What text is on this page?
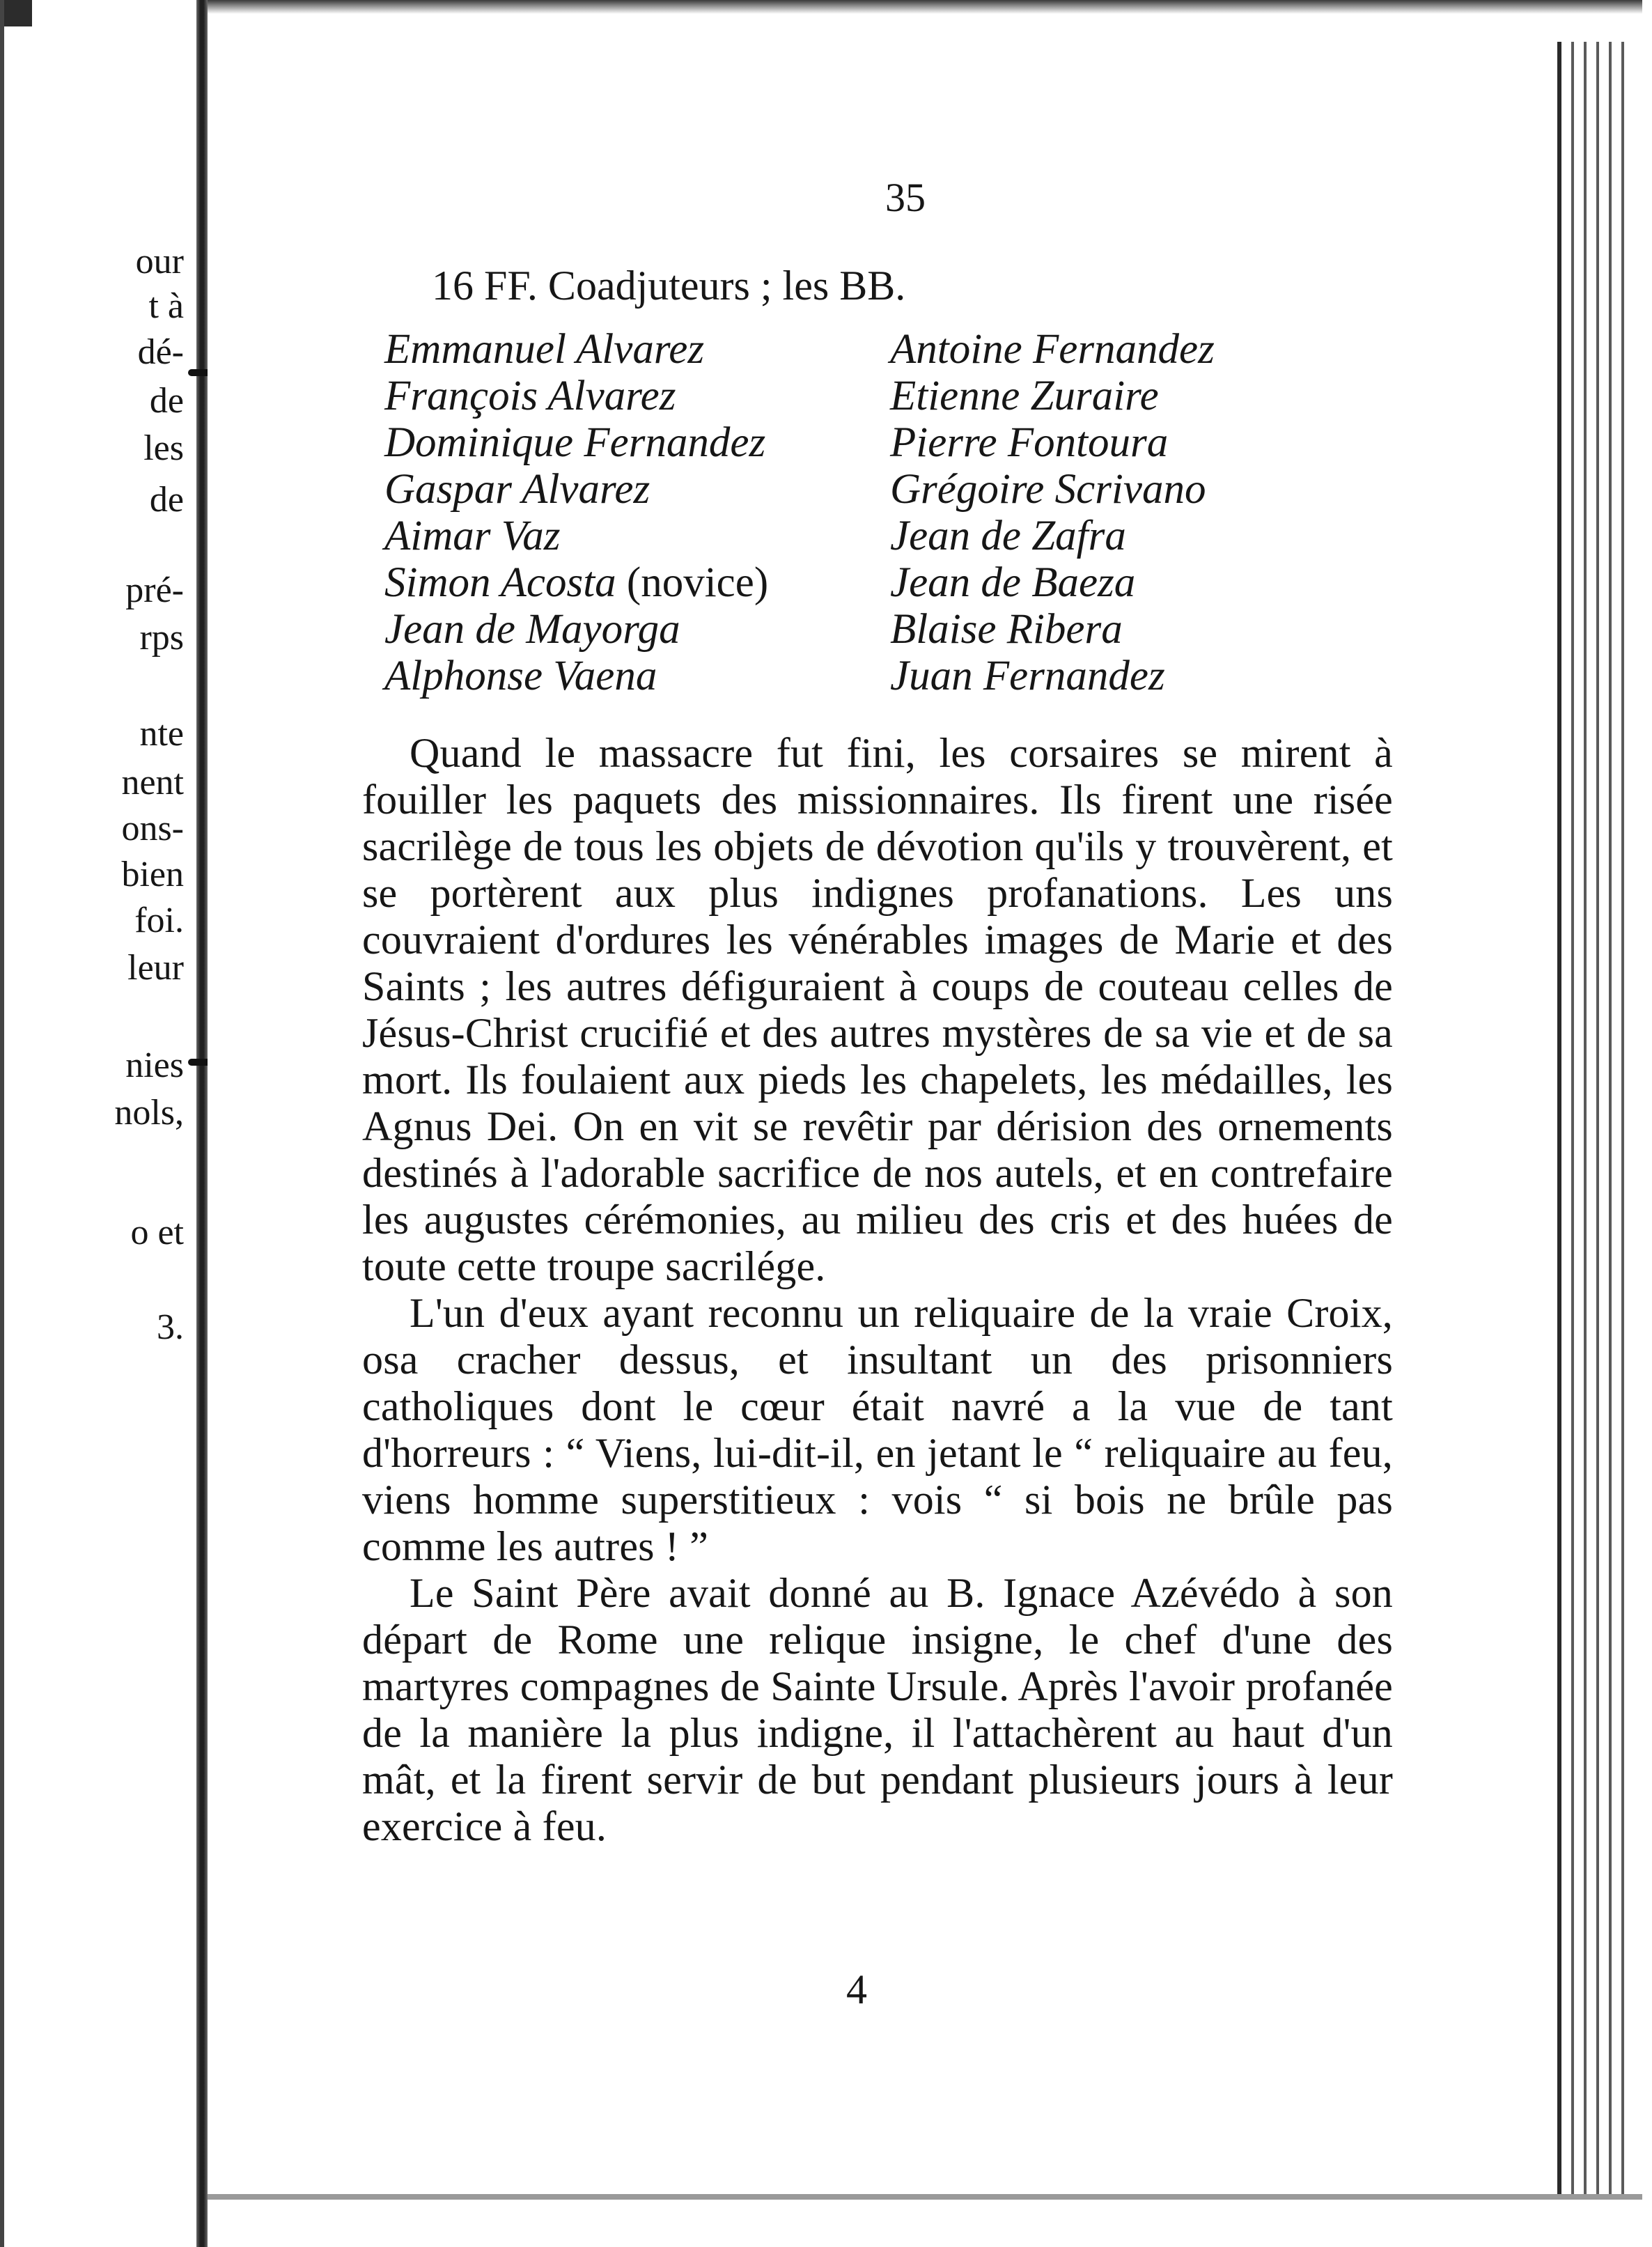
our
t à
dé-
de
les
de
pré-
rps
nte
nent
ons-
bien
foi.
leur
nies
nols,
o et
3.
35
16 FF. Coadjuteurs ; les BB.
Emmanuel Alvarez
François Alvarez
Dominique Fernandez
Gaspar Alvarez
Aimar Vaz
Simon Acosta (novice)
Jean de Mayorga
Alphonse Vaena
Antoine Fernandez
Etienne Zuraire
Pierre Fontoura
Grégoire Scrivano
Jean de Zafra
Jean de Baeza
Blaise Ribera
Juan Fernandez

Quand le massacre fut fini, les corsaires se mirent à fouiller les paquets des missionnaires. Ils firent une risée sacrilège de tous les objets de dévotion qu'ils y trouvèrent, et se portèrent aux plus indignes profanations. Les uns couvraient d'ordures les vénérables images de Marie et des Saints ; les autres défiguraient à coups de couteau celles de Jésus-Christ crucifié et des autres mystères de sa vie et de sa mort. Ils foulaient aux pieds les chapelets, les médailles, les Agnus Dei. On en vit se revêtir par dérision des ornements destinés à l'adorable sacrifice de nos autels, et en contrefaire les augustes cérémonies, au milieu des cris et des huées de toute cette troupe sacrilége.

L'un d'eux ayant reconnu un reliquaire de la vraie Croix, osa cracher dessus, et insultant un des prisonniers catholiques dont le cœur était navré a la vue de tant d'horreurs : “ Viens, lui-dit-il, en jetant le “ reliquaire au feu, viens homme superstitieux : vois “ si bois ne brûle pas comme les autres ! ”

Le Saint Père avait donné au B. Ignace Azévédo à son départ de Rome une relique insigne, le chef d'une des martyres compagnes de Sainte Ursule. Après l'avoir profanée de la manière la plus indigne, il l'attachèrent au haut d'un mât, et la firent servir de but pendant plusieurs jours à leur exercice à feu.

4
